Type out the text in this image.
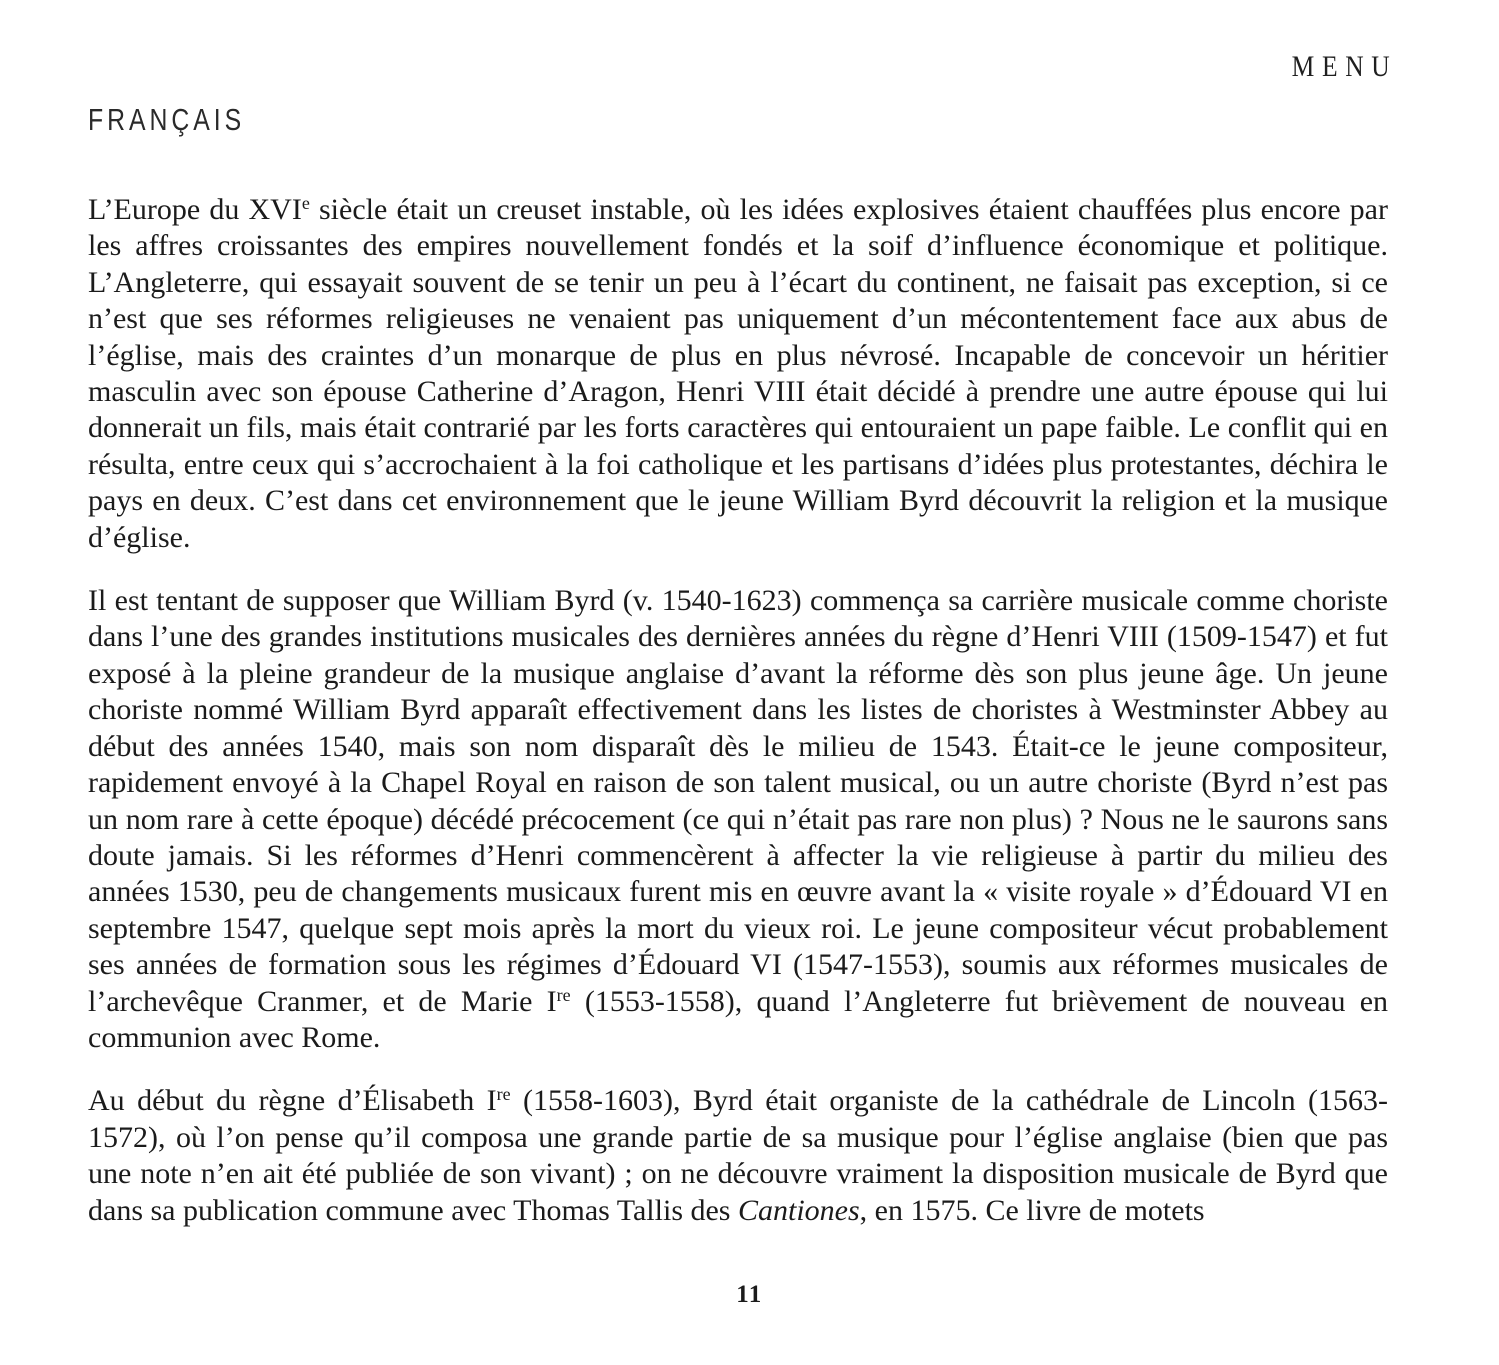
MENU
FRANÇAIS

L’Europe du XVIe siècle était un creuset instable, où les idées explosives étaient chauffées plus encore par les affres croissantes des empires nouvellement fondés et la soif d’influence économique et politique. L’Angleterre, qui essayait souvent de se tenir un peu à l’écart du continent, ne faisait pas exception, si ce n’est que ses réformes religieuses ne venaient pas uniquement d’un mécontentement face aux abus de l’église, mais des craintes d’un monarque de plus en plus névrosé. Incapable de concevoir un héritier masculin avec son épouse Catherine d’Aragon, Henri VIII était décidé à prendre une autre épouse qui lui donnerait un fils, mais était contrarié par les forts caractères qui entouraient un pape faible. Le conflit qui en résulta, entre ceux qui s’accrochaient à la foi catholique et les partisans d’idées plus protestantes, déchira le pays en deux. C’est dans cet environnement que le jeune William Byrd découvrit la religion et la musique d’église.

Il est tentant de supposer que William Byrd (v. 1540-1623) commença sa carrière musicale comme choriste dans l’une des grandes institutions musicales des dernières années du règne d’Henri VIII (1509-1547) et fut exposé à la pleine grandeur de la musique anglaise d’avant la réforme dès son plus jeune âge. Un jeune choriste nommé William Byrd apparaît effectivement dans les listes de choristes à Westminster Abbey au début des années 1540, mais son nom disparaît dès le milieu de 1543. Était-ce le jeune compositeur, rapidement envoyé à la Chapel Royal en raison de son talent musical, ou un autre choriste (Byrd n’est pas un nom rare à cette époque) décédé précocement (ce qui n’était pas rare non plus) ? Nous ne le saurons sans doute jamais. Si les réformes d’Henri commencèrent à affecter la vie religieuse à partir du milieu des années 1530, peu de changements musicaux furent mis en œuvre avant la « visite royale » d’Édouard VI en septembre 1547, quelque sept mois après la mort du vieux roi. Le jeune compositeur vécut probablement ses années de formation sous les régimes d’Édouard VI (1547-1553), soumis aux réformes musicales de l’archevêque Cranmer, et de Marie Ire (1553-1558), quand l’Angleterre fut brièvement de nouveau en communion avec Rome.

Au début du règne d’Élisabeth Ire (1558-1603), Byrd était organiste de la cathédrale de Lincoln (1563-1572), où l’on pense qu’il composa une grande partie de sa musique pour l’église anglaise (bien que pas une note n’en ait été publiée de son vivant) ; on ne découvre vraiment la disposition musicale de Byrd que dans sa publication commune avec Thomas Tallis des Cantiones, en 1575. Ce livre de motets

11
